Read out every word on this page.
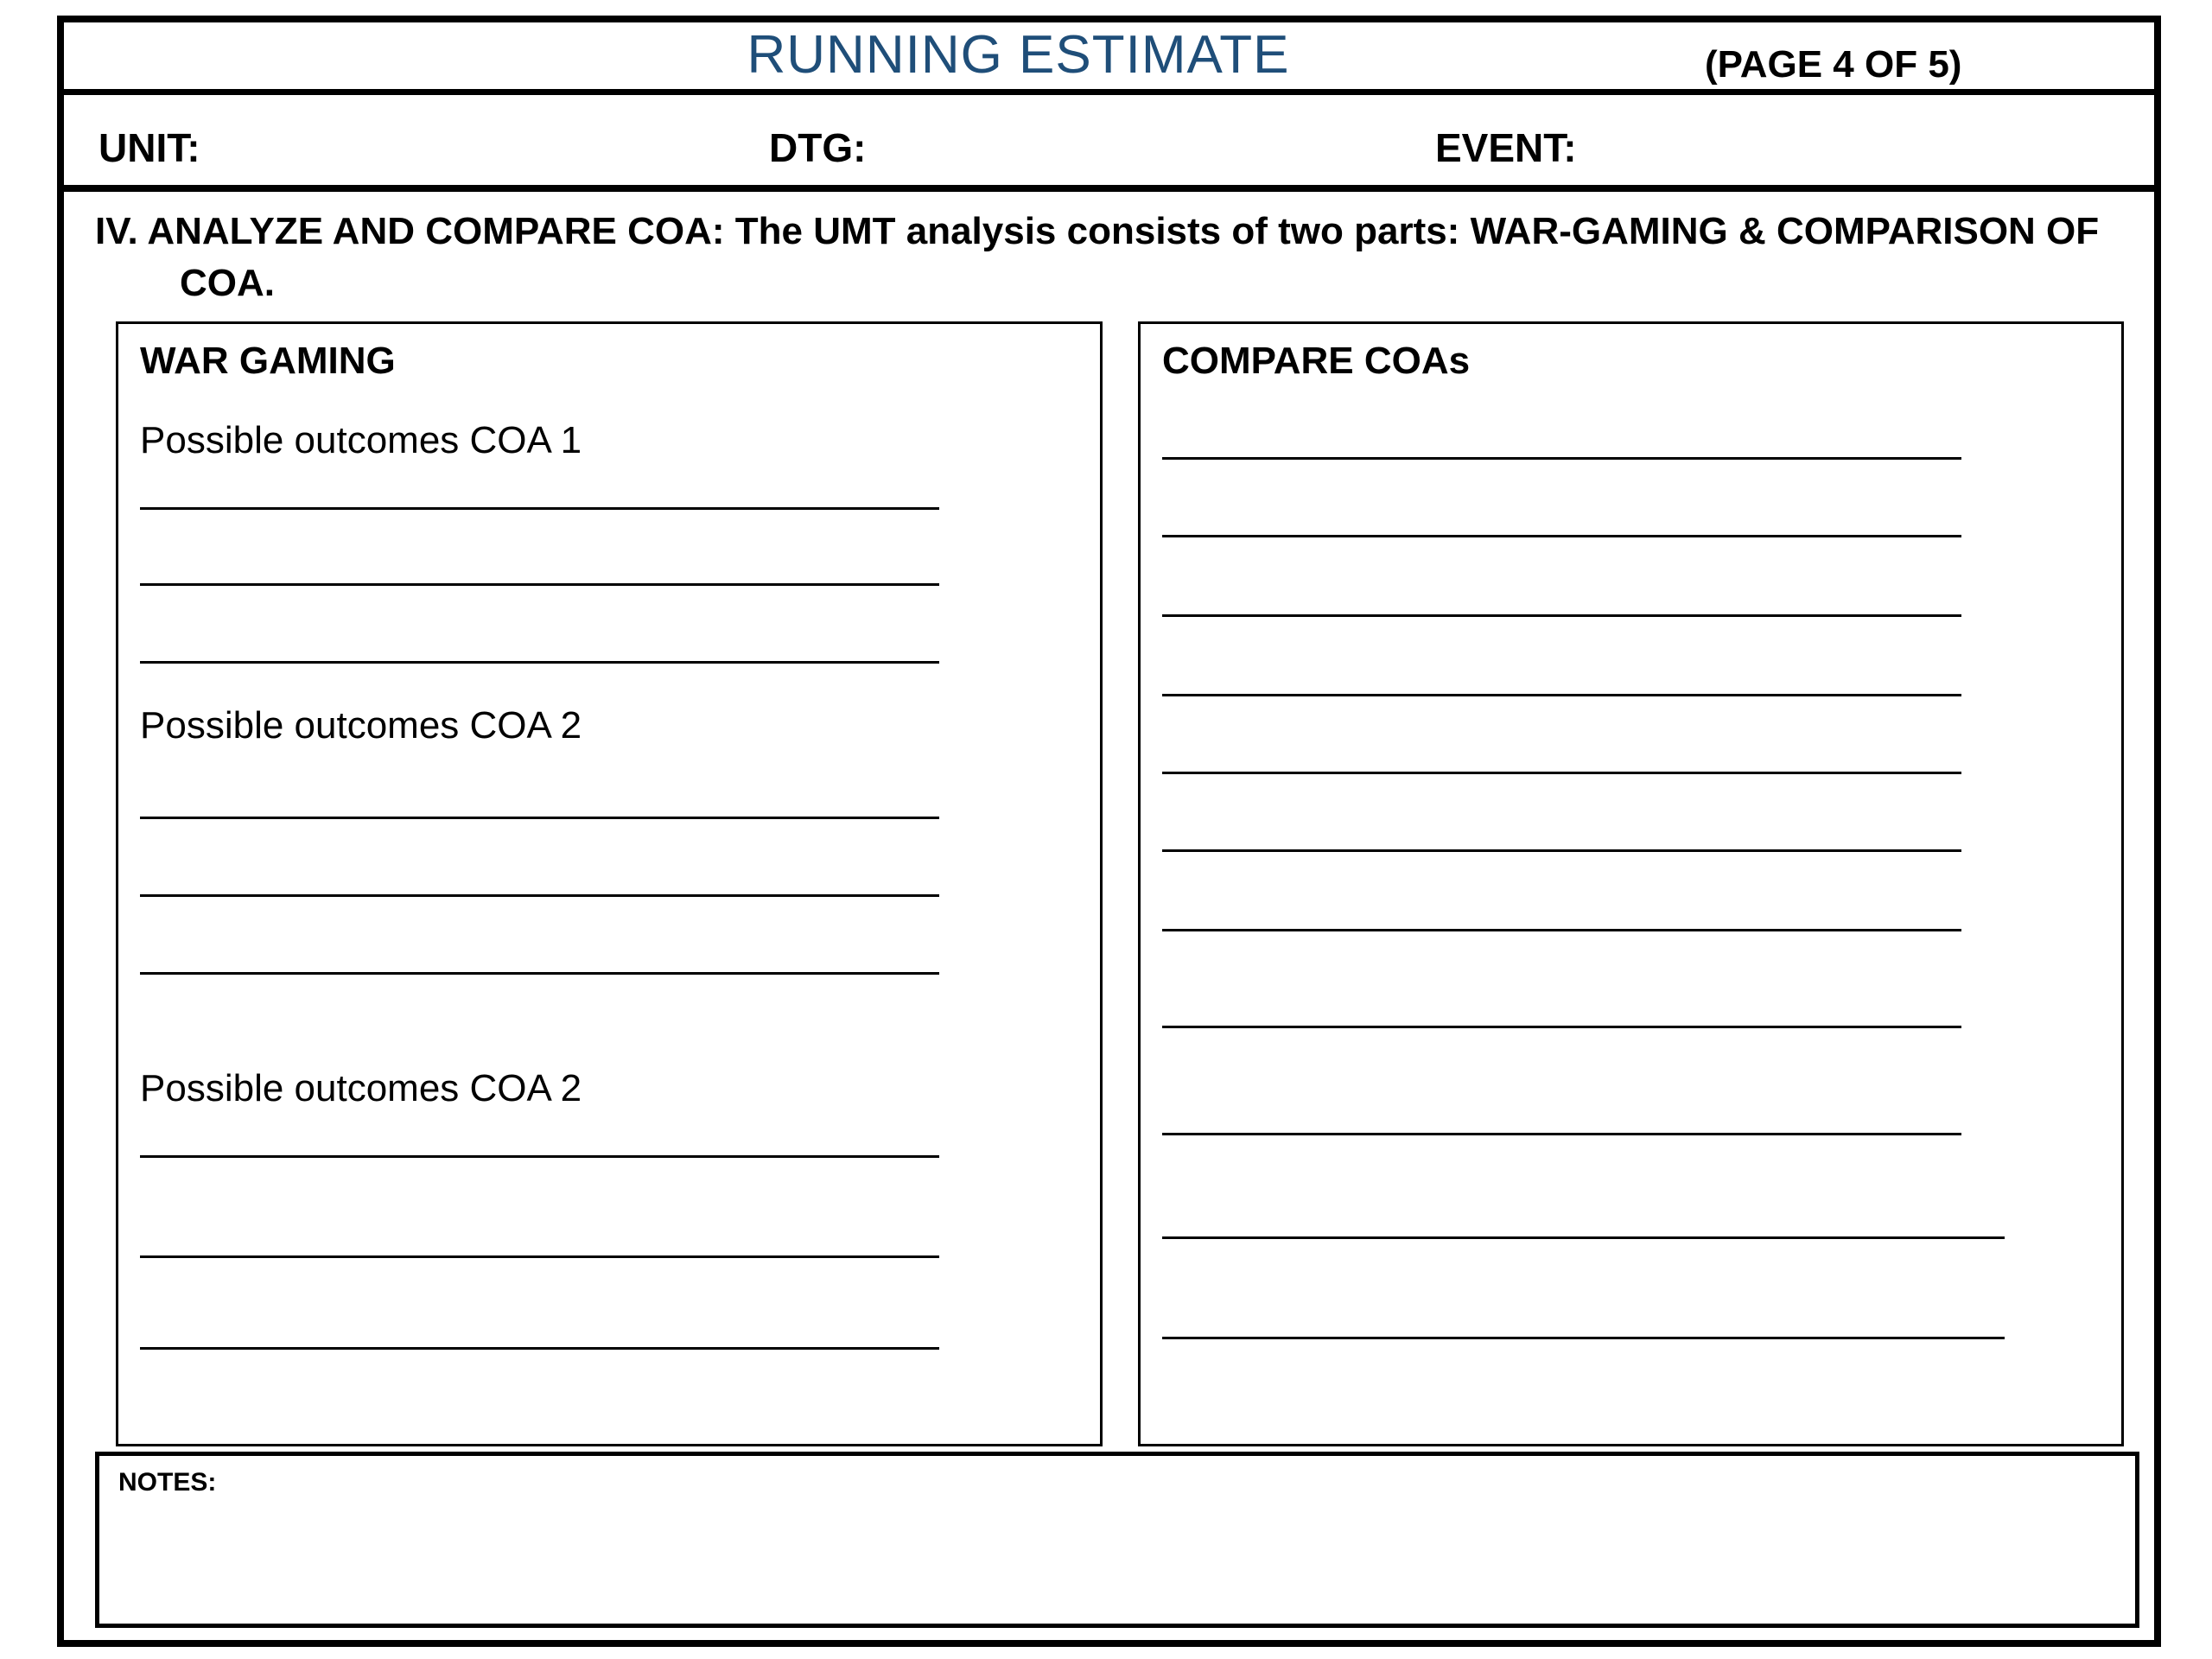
RUNNING ESTIMATE	(PAGE 4 OF 5)
UNIT:	DTG:	EVENT:
IV. ANALYZE AND COMPARE COA: The UMT analysis consists of two parts: WAR-GAMING & COMPARISON OF
COA.
WAR GAMING
Possible outcomes COA 1
Possible outcomes COA 2
Possible outcomes COA 2
COMPARE COAs
NOTES:
